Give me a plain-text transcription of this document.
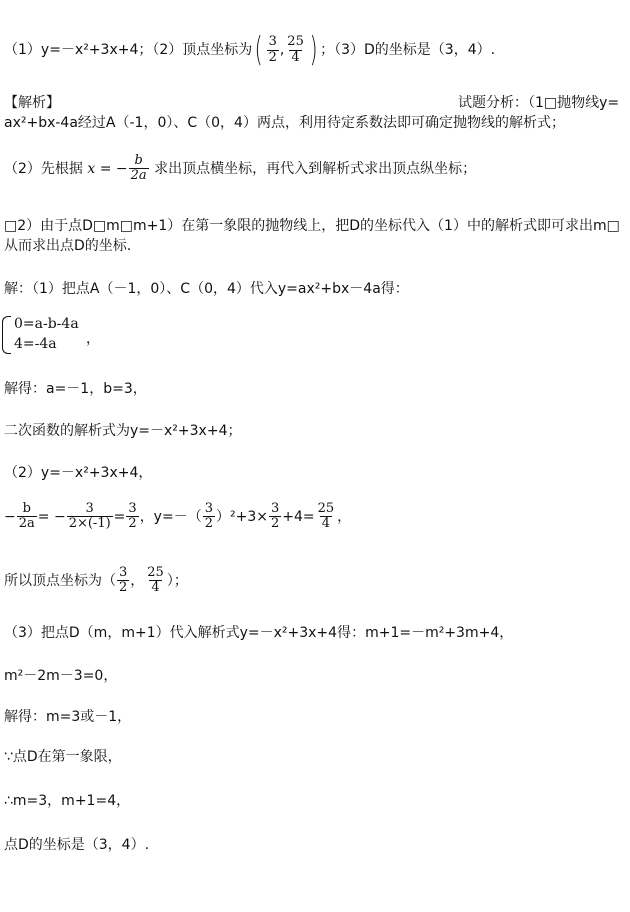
（1）y=－x²+3x+4；（2）顶点坐标为( $\frac{3}{2}$ , $\frac{25}{4}$ ) ；（3）D的坐标是（3，4）.
【解析】	试题分析：（1□抛物线y=
ax²+bx-4a经过A（-1，0）、C（0，4）两点，利用待定系数法即可确定抛物线的解析式；
（2）先根据 x = − $\frac{b}{2a}$ 求出顶点横坐标，再代入到解析式求出顶点纵坐标；
□2）由于点D□m□m+1）在第一象限的抛物线上，把D的坐标代入（1）中的解析式即可求出m□
从而求出点D的坐标.
解：（1）把点A（－1，0）、C（0，4）代入y=ax²+bx－4a得：
0=a-b-4a
4=-4a ，
解得：a=－1，b=3，
二次函数的解析式为y=－x²+3x+4；
（2）y=－x²+3x+4，
− $\frac{b}{2a}$ = − $\frac{3}{2\times(-1)} = \frac{3}{2}$ ，$y=-( \frac{3}{2} )^2+3\times \frac{3}{2} +4= \frac{25}{4}$ ，
所以顶点坐标为（ $\frac{3}{2}$ ， $\frac{25}{4}$ ）；
（3）把点D（m，m+1）代入解析式y=－x²+3x+4得：m+1=－m²+3m+4，
m²－2m－3=0，
解得：m=3或－1，
∵点D在第一象限，
∴m=3，m+1=4，
点D的坐标是（3，4）.
